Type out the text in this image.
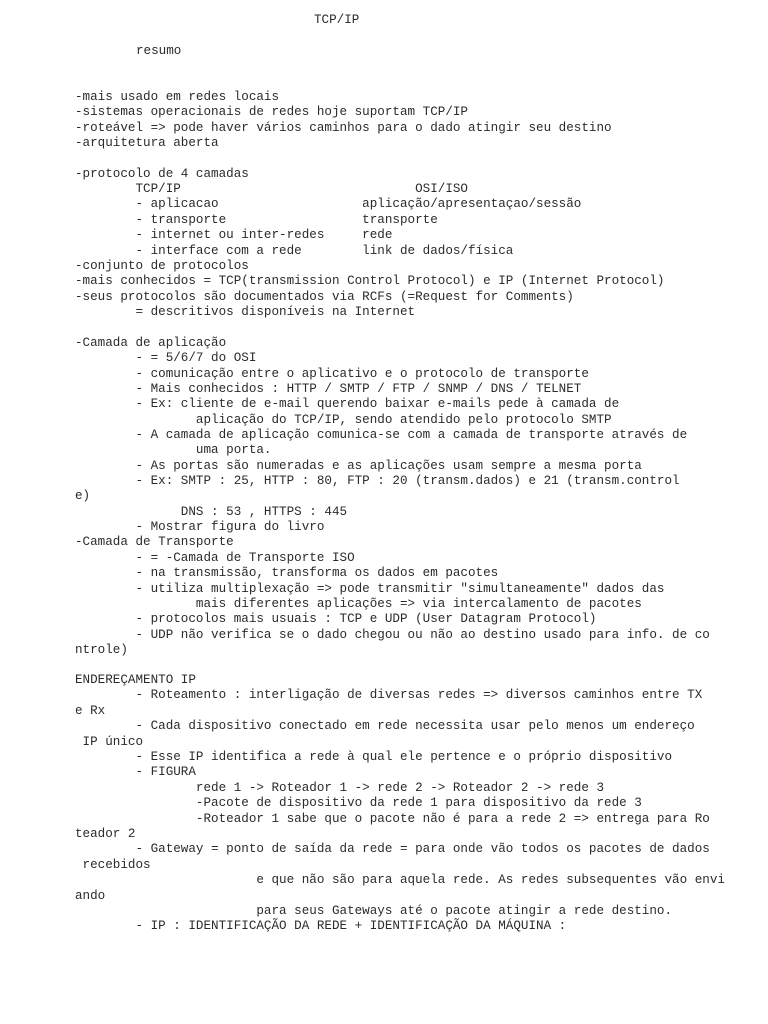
TCP/IP
resumo
-mais usado em redes locais
-sistemas operacionais de redes hoje suportam TCP/IP
-roteável => pode haver vários caminhos para o dado atingir seu destino
-arquitetura aberta
-protocolo de 4 camadas
TCP/IP                               OSI/ISO
- aplicacao                   aplicação/apresentaçao/sessão
- transporte                  transporte
- internet ou inter-redes     rede
- interface com a rede        link de dados/física
-conjunto de protocolos
-mais conhecidos = TCP(transmission Control Protocol) e IP (Internet Protocol)
-seus protocolos são documentados via RCFs (=Request for Comments)
= descritivos disponíveis na Internet
-Camada de aplicação
- = 5/6/7 do OSI
- comunicação entre o aplicativo e o protocolo de transporte
- Mais conhecidos : HTTP / SMTP / FTP / SNMP / DNS / TELNET
- Ex: cliente de e-mail querendo baixar e-mails pede à camada de
aplicação do TCP/IP, sendo atendido pelo protocolo SMTP
- A camada de aplicação comunica-se com a camada de transporte através de
uma porta.
- As portas são numeradas e as aplicações usam sempre a mesma porta
- Ex: SMTP : 25, HTTP : 80, FTP : 20 (transm.dados) e 21 (transm.control
e)
DNS : 53 , HTTPS : 445
- Mostrar figura do livro
-Camada de Transporte
- = -Camada de Transporte ISO
- na transmissão, transforma os dados em pacotes
- utiliza multiplexação => pode transmitir "simultaneamente" dados das
mais diferentes aplicações => via intercalamento de pacotes
- protocolos mais usuais : TCP e UDP (User Datagram Protocol)
- UDP não verifica se o dado chegou ou não ao destino usado para info. de co
ntrole)
ENDEREÇAMENTO IP
- Roteamento : interligação de diversas redes => diversos caminhos entre TX
e Rx
- Cada dispositivo conectado em rede necessita usar pelo menos um endereço
IP único
- Esse IP identifica a rede à qual ele pertence e o próprio dispositivo
- FIGURA
rede 1 -> Roteador 1 -> rede 2 -> Roteador 2 -> rede 3
-Pacote de dispositivo da rede 1 para dispositivo da rede 3
-Roteador 1 sabe que o pacote não é para a rede 2 => entrega para Ro
teador 2
- Gateway = ponto de saída da rede = para onde vão todos os pacotes de dados
recebidos
e que não são para aquela rede. As redes subsequentes vão envi
ando
para seus Gateways até o pacote atingir a rede destino.
- IP : IDENTIFICAÇÃO DA REDE + IDENTIFICAÇÃO DA MÁQUINA :
